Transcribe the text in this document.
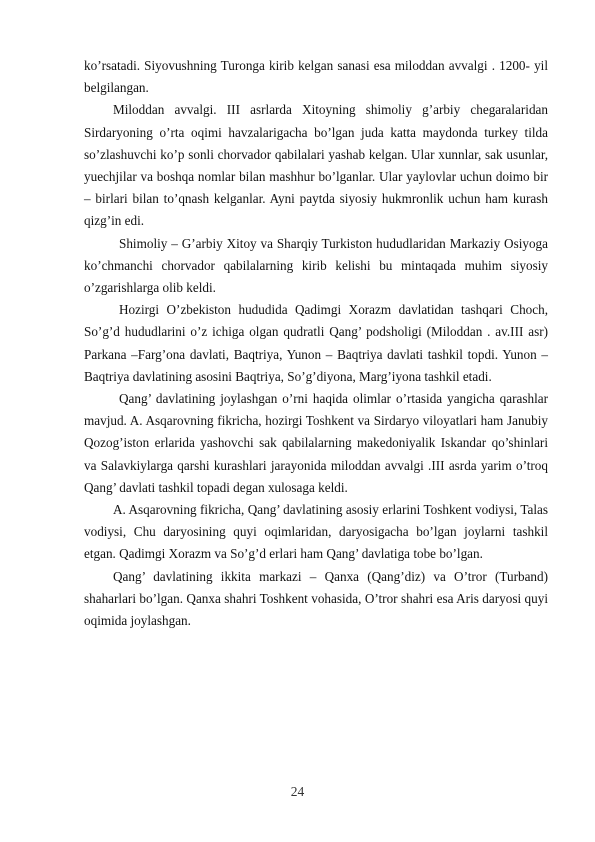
ko’rsatadi. Siyovushning Turonga kirib kelgan sanasi esa miloddan avvalgi . 1200- yil belgilangan.

Miloddan avvalgi. III asrlarda Xitoyning shimoliy g’arbiy chegaralaridan Sirdaryoning o’rta oqimi havzalarigacha bo’lgan juda katta maydonda turkey tilda so’zlashuvchi ko’p sonli chorvador qabilalari yashab kelgan. Ular xunnlar, sak usunlar, yuechjilar va boshqa nomlar bilan mashhur bo’lganlar. Ular yaylovlar uchun doimo bir – birlari bilan to’qnash kelganlar. Ayni paytda siyosiy hukmronlik uchun ham kurash qizg’in edi.

Shimoliy – G’arbiy Xitoy va Sharqiy Turkiston hududlaridan Markaziy Osiyoga ko’chmanchi chorvador qabilalarning kirib kelishi bu mintaqada muhim siyosiy o’zgarishlarga olib keldi.

Hozirgi O’zbekiston hududida Qadimgi Xorazm davlatidan tashqari Choch, So’g’d hududlarini o’z ichiga olgan qudratli Qang’ podsholigi (Miloddan . av.III asr) Parkana –Farg’ona davlati, Baqtriya, Yunon – Baqtriya davlati tashkil topdi. Yunon – Baqtriya davlatining asosini Baqtriya, So’g’diyona, Marg’iyona tashkil etadi.

Qang’ davlatining joylashgan o’rni haqida olimlar o’rtasida yangicha qarashlar mavjud. A. Asqarovning fikricha, hozirgi Toshkent va Sirdaryo viloyatlari ham Janubiy Qozog’iston erlarida yashovchi sak qabilalarning makedoniyalik Iskandar qo’shinlari va Salavkiylarga qarshi kurashlari jarayonida miloddan avvalgi .III asrda yarim o’troq Qang’ davlati tashkil topadi degan xulosaga keldi.

A. Asqarovning fikricha, Qang’ davlatining asosiy erlarini Toshkent vodiysi, Talas vodiysi, Chu daryosining quyi oqimlaridan, daryosigacha bo’lgan joylarni tashkil etgan. Qadimgi Xorazm va So’g’d erlari ham Qang’ davlatiga tobe bo’lgan.

Qang’ davlatining ikkita markazi – Qanxa (Qang’diz) va O’tror (Turband) shaharlari bo’lgan. Qanxa shahri Toshkent vohasida, O’tror shahri esa Aris daryosi quyi oqimida joylashgan.

24
